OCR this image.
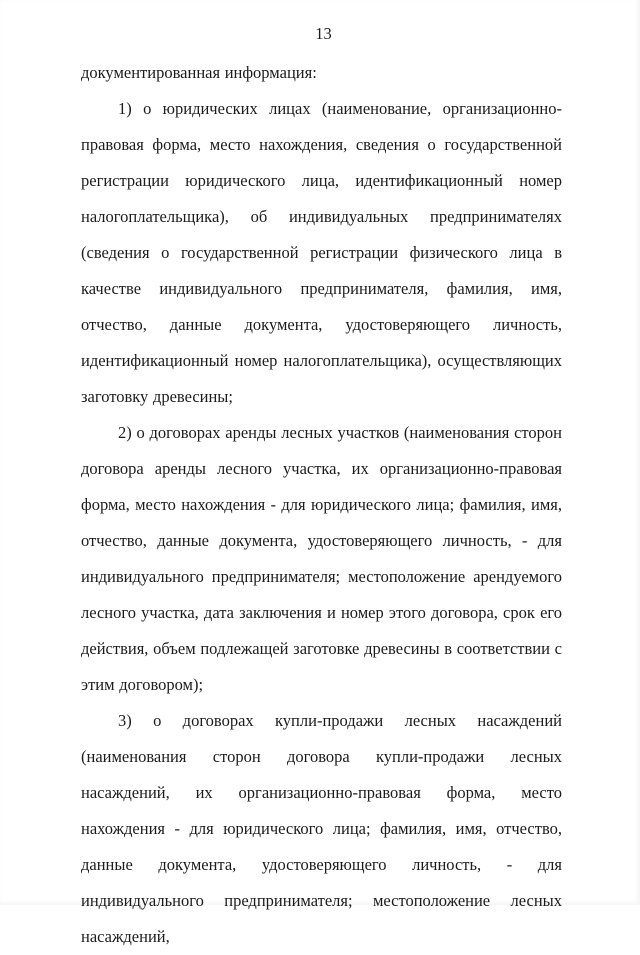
13

документированная информация:

1) о юридических лицах (наименование, организационно-правовая форма, место нахождения, сведения о государственной регистрации юридического лица, идентификационный номер налогоплательщика), об индивидуальных предпринимателях (сведения о государственной регистрации физического лица в качестве индивидуального предпринимателя, фамилия, имя, отчество, данные документа, удостоверяющего личность, идентификационный номер налогоплательщика), осуществляющих заготовку древесины;

2) о договорах аренды лесных участков (наименования сторон договора аренды лесного участка, их организационно-правовая форма, место нахождения - для юридического лица; фамилия, имя, отчество, данные документа, удостоверяющего личность, - для индивидуального предпринимателя; местоположение арендуемого лесного участка, дата заключения и номер этого договора, срок его действия, объем подлежащей заготовке древесины в соответствии с этим договором);

3) о договорах купли-продажи лесных насаждений (наименования сторон договора купли-продажи лесных насаждений, их организационно-правовая форма, место нахождения - для юридического лица; фамилия, имя, отчество, данные документа, удостоверяющего личность, - для индивидуального предпринимателя; местоположение лесных насаждений,
